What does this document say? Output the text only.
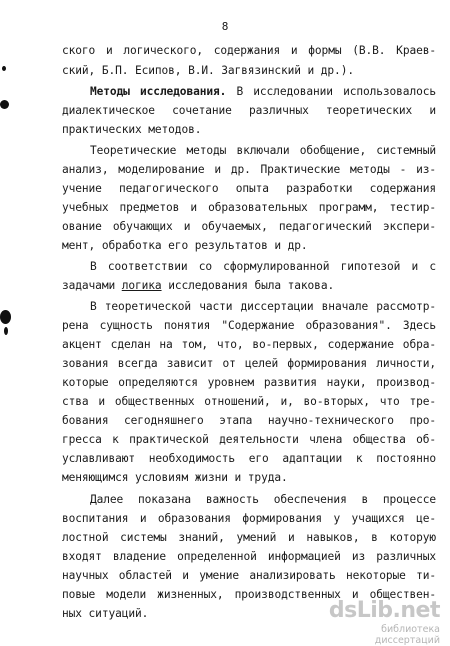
8
ского и логического, содержания и формы (В.В. Краев-
ский, Б.П. Есипов, В.И. Загвязинский и др.).
Методы исследования. В исследовании использовалось
диалектическое сочетание различных теоретических и
практических методов.
Теоретические методы включали обобщение, системный
анализ, моделирование и др. Практические методы - из-
учение педагогического опыта разработки содержания
учебных предметов и образовательных программ, тестир-
ование обучающих и обучаемых, педагогический экспери-
мент, обработка его результатов и др.
В соответствии со сформулированной гипотезой и с
задачами логика исследования была такова.
В теоретической части диссертации вначале рассмотр-
рена сущность понятия "Содержание образования". Здесь
акцент сделан на том, что, во-первых, содержание обра-
зования всегда зависит от целей формирования личности,
которые определяются уровнем развития науки, производ-
ства и общественных отношений, и, во-вторых, что тре-
бования сегодняшнего этапа научно-технического про-
гресса к практической деятельности члена общества об-
уславливают необходимость его адаптации к постоянно
меняющимся условиям жизни и труда.
Далее показана важность обеспечения в процессе
воспитания и образования формирования у учащихся це-
лостной системы знаний, умений и навыков, в которую
входят владение определенной информацией из различных
научных областей и умение анализировать некоторые ти-
повые модели жизненных, производственных и обществен-
ных ситуаций.	dsLib.net
библиотека диссертаций
